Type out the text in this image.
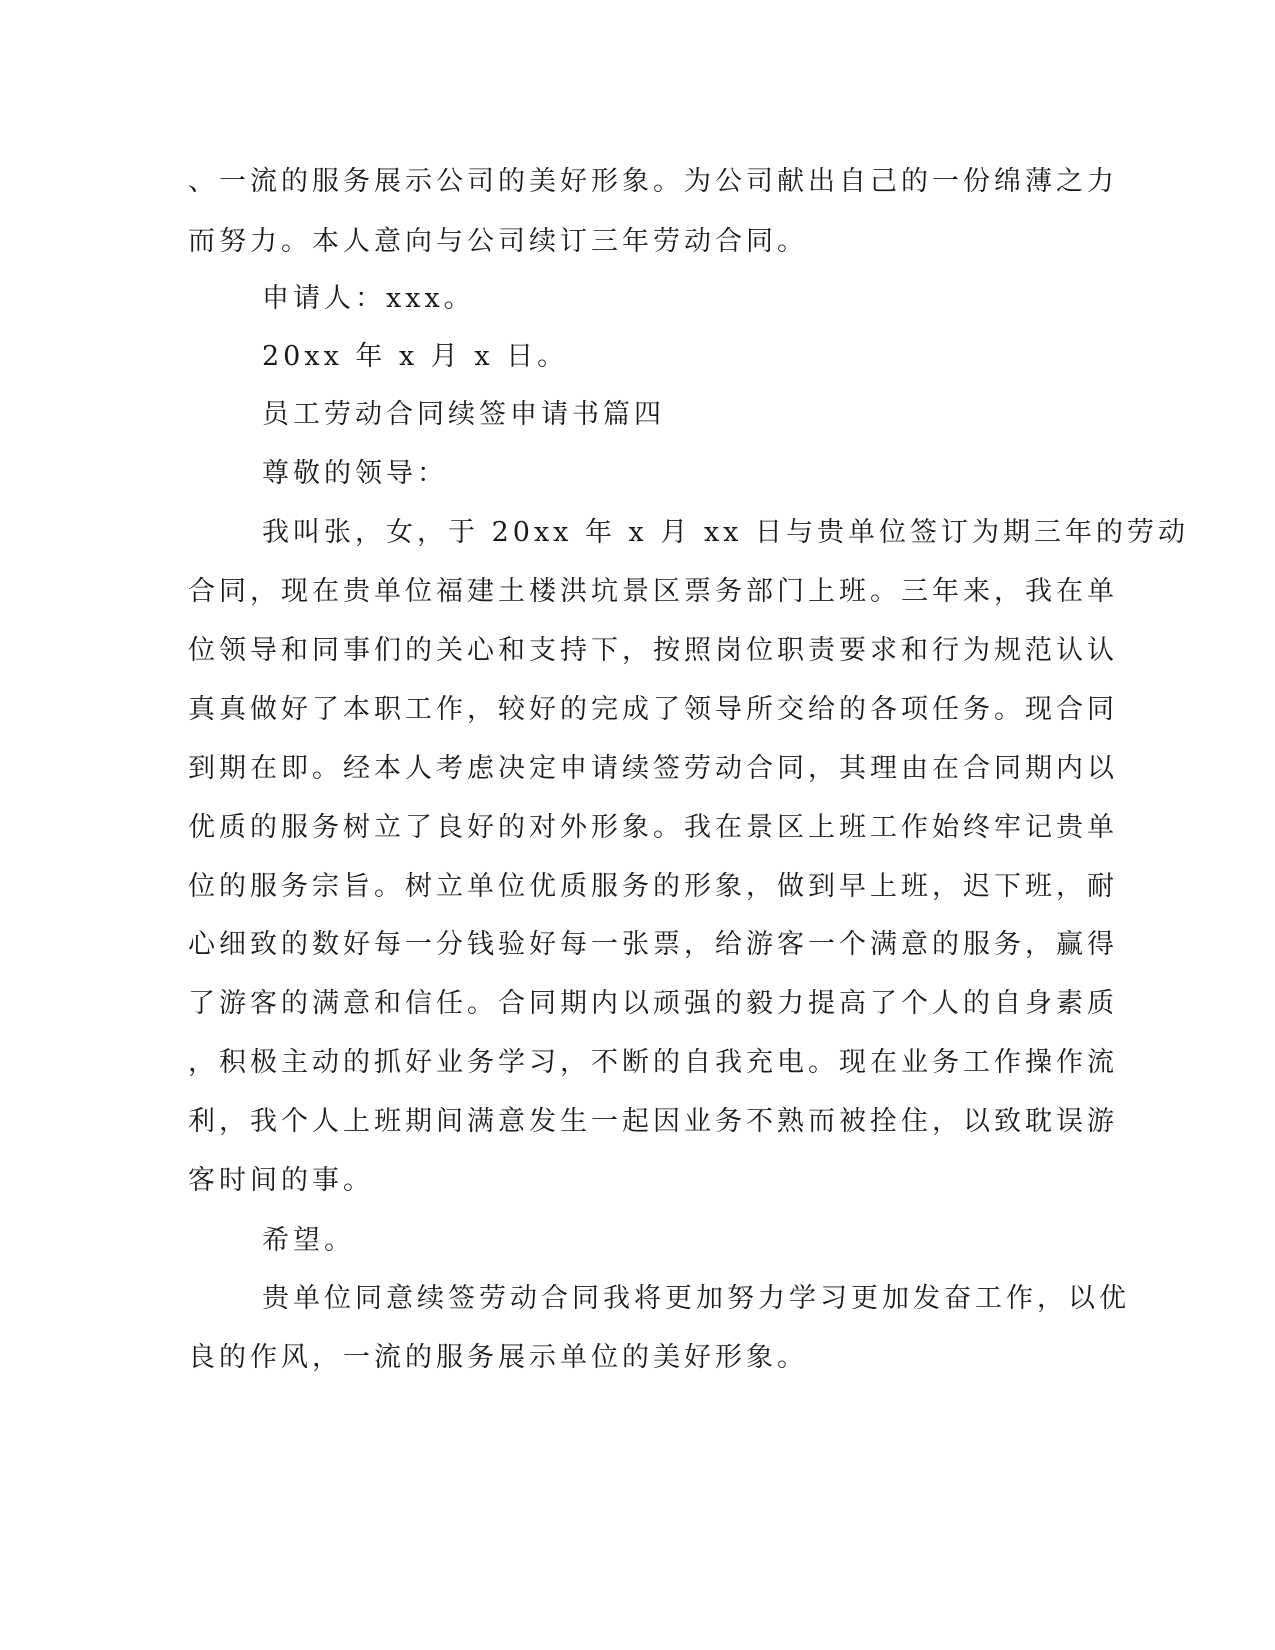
、一流的服务展示公司的美好形象。为公司献出自己的一份绵薄之力
而努力。本人意向与公司续订三年劳动合同。
申请人：xxx。
20xx 年 x 月 x 日。
员工劳动合同续签申请书篇四
尊敬的领导：
我叫张，女，于 20xx 年 x 月 xx 日与贵单位签订为期三年的劳动
合同，现在贵单位福建土楼洪坑景区票务部门上班。三年来，我在单
位领导和同事们的关心和支持下，按照岗位职责要求和行为规范认认
真真做好了本职工作，较好的完成了领导所交给的各项任务。现合同
到期在即。经本人考虑决定申请续签劳动合同，其理由在合同期内以
优质的服务树立了良好的对外形象。我在景区上班工作始终牢记贵单
位的服务宗旨。树立单位优质服务的形象，做到早上班，迟下班，耐
心细致的数好每一分钱验好每一张票，给游客一个满意的服务，赢得
了游客的满意和信任。合同期内以顽强的毅力提高了个人的自身素质
，积极主动的抓好业务学习，不断的自我充电。现在业务工作操作流
利，我个人上班期间满意发生一起因业务不熟而被拴住，以致耽误游
客时间的事。
希望。
贵单位同意续签劳动合同我将更加努力学习更加发奋工作，以优
良的作风，一流的服务展示单位的美好形象。
